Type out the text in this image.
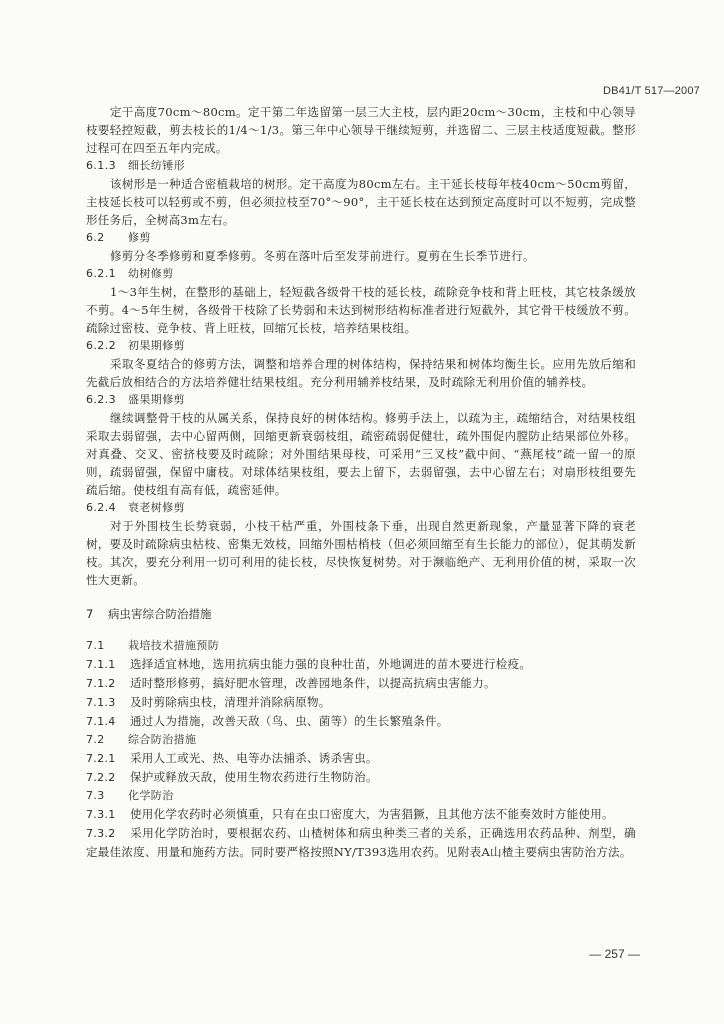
DB41/T 517—2007

定干高度70cm～80cm。定干第二年选留第一层三大主枝，层内距20cm～30cm，主枝和中心领导枝要轻控短截，剪去枝长的1/4～1/3。第三年中心领导干继续短剪，并选留二、三层主枝适度短截。整形过程可在四至五年内完成。

6.1.3 细长纺锤形

该树形是一种适合密植栽培的树形。定干高度为80cm左右。主干延长枝每年枝40cm～50cm剪留，主枝延长枝可以轻剪或不剪，但必须拉枝至70°～90°，主干延长枝在达到预定高度时可以不短剪，完成整形任务后，全树高3m左右。

6.2 修剪

修剪分冬季修剪和夏季修剪。冬剪在落叶后至发芽前进行。夏剪在生长季节进行。

6.2.1 幼树修剪

1～3年生树，在整形的基础上，轻短截各级骨干枝的延长枝，疏除竞争枝和背上旺枝，其它枝条缓放不剪。4～5年生树，各级骨干枝除了长势弱和未达到树形结构标准者进行短截外，其它骨干枝缓放不剪。疏除过密枝、竞争枝、背上旺枝，回缩冗长枝，培养结果枝组。

6.2.2 初果期修剪

采取冬夏结合的修剪方法，调整和培养合理的树体结构，保持结果和树体均衡生长。应用先放后缩和先截后放相结合的方法培养健壮结果枝组。充分利用辅养枝结果，及时疏除无利用价值的辅养枝。

6.2.3 盛果期修剪

继续调整骨干枝的从属关系，保持良好的树体结构。修剪手法上，以疏为主，疏缩结合，对结果枝组采取去弱留强，去中心留两侧，回缩更新衰弱枝组，疏密疏弱促健壮，疏外围促内膛防止结果部位外移。对真叠、交叉、密挤枝要及时疏除；对外围结果母枝，可采用“三叉枝”截中间、“燕尾枝”疏一留一的原则，疏弱留强，保留中庸枝。对球体结果枝组，要去上留下，去弱留强，去中心留左右；对扇形枝组要先疏后缩。使枝组有高有低，疏密延伸。

6.2.4 衰老树修剪

对于外围枝生长势衰弱，小枝干枯严重，外围枝条下垂，出现自然更新现象，产量显著下降的衰老树，要及时疏除病虫枯枝、密集无效枝，回缩外围枯梢枝（但必须回缩至有生长能力的部位），促其萌发新枝。其次，要充分利用一切可利用的徒长枝，尽快恢复树势。对于濒临绝产、无利用价值的树，采取一次性大更新。

7 病虫害综合防治措施

7.1 栽培技术措施预防

7.1.1 选择适宜林地，选用抗病虫能力强的良种壮苗，外地调进的苗木要进行检疫。

7.1.2 适时整形修剪，搞好肥水管理，改善园地条件，以提高抗病虫害能力。

7.1.3 及时剪除病虫枝，清理并消除病原物。

7.1.4 通过人为措施，改善天敌（鸟、虫、菌等）的生长繁殖条件。

7.2 综合防治措施

7.2.1 采用人工或光、热、电等办法捕杀、诱杀害虫。

7.2.2 保护或释放天敌，使用生物农药进行生物防治。

7.3 化学防治

7.3.1 使用化学农药时必须慎重，只有在虫口密度大，为害猖獗，且其他方法不能奏效时方能使用。

7.3.2 采用化学防治时，要根据农药、山楂树体和病虫种类三者的关系，正确选用农药品种、剂型，确定最佳浓度、用量和施药方法。同时要严格按照NY/T393选用农药。见附表A山楂主要病虫害防治方法。

— 257 —
